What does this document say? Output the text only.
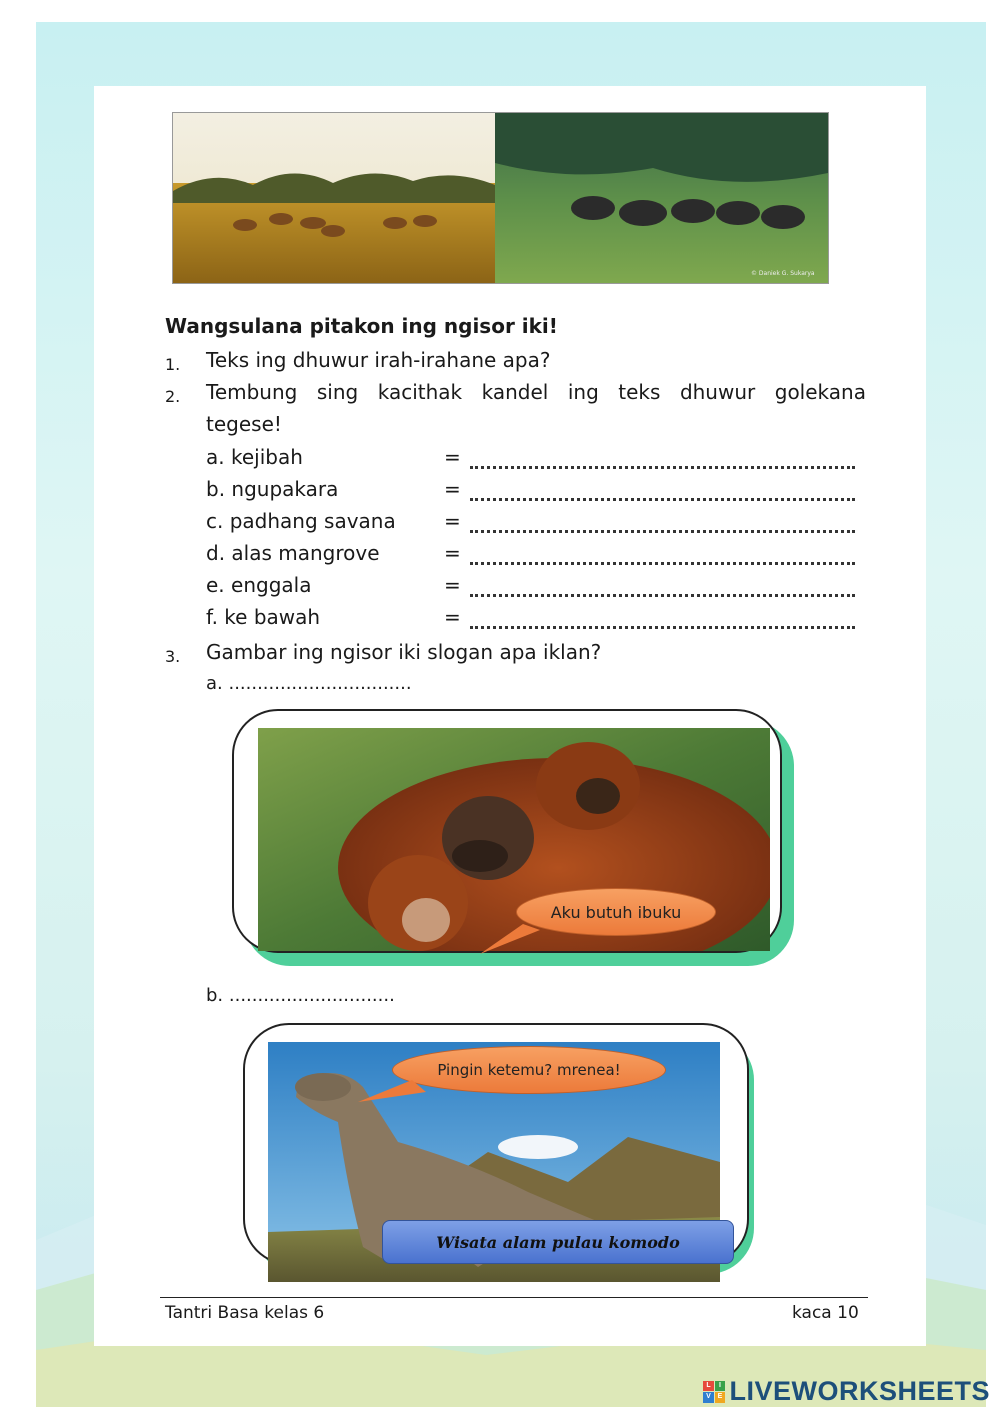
© Daniek G. Sukarya
Wangsulana pitakon ing ngisor iki!
1. Teks ing dhuwur irah-irahane apa?
2. Tembung sing kacithak kandel ing teks dhuwur golekana
tegese!
a. kejibah	=
b. ngupakara	=
c. padhang savana =
d. alas mangrove	=
e. enggala	=
f. ke bawah	=
3. Gambar ing ngisor iki slogan apa iklan?
a. ................................
Aku butuh ibuku
b. .............................
Pingin ketemu? mrenea!
Wisata alam pulau komodo
Tantri Basa kelas 6	kaca 10
L	I
V E LIVEWORKSHEETS
